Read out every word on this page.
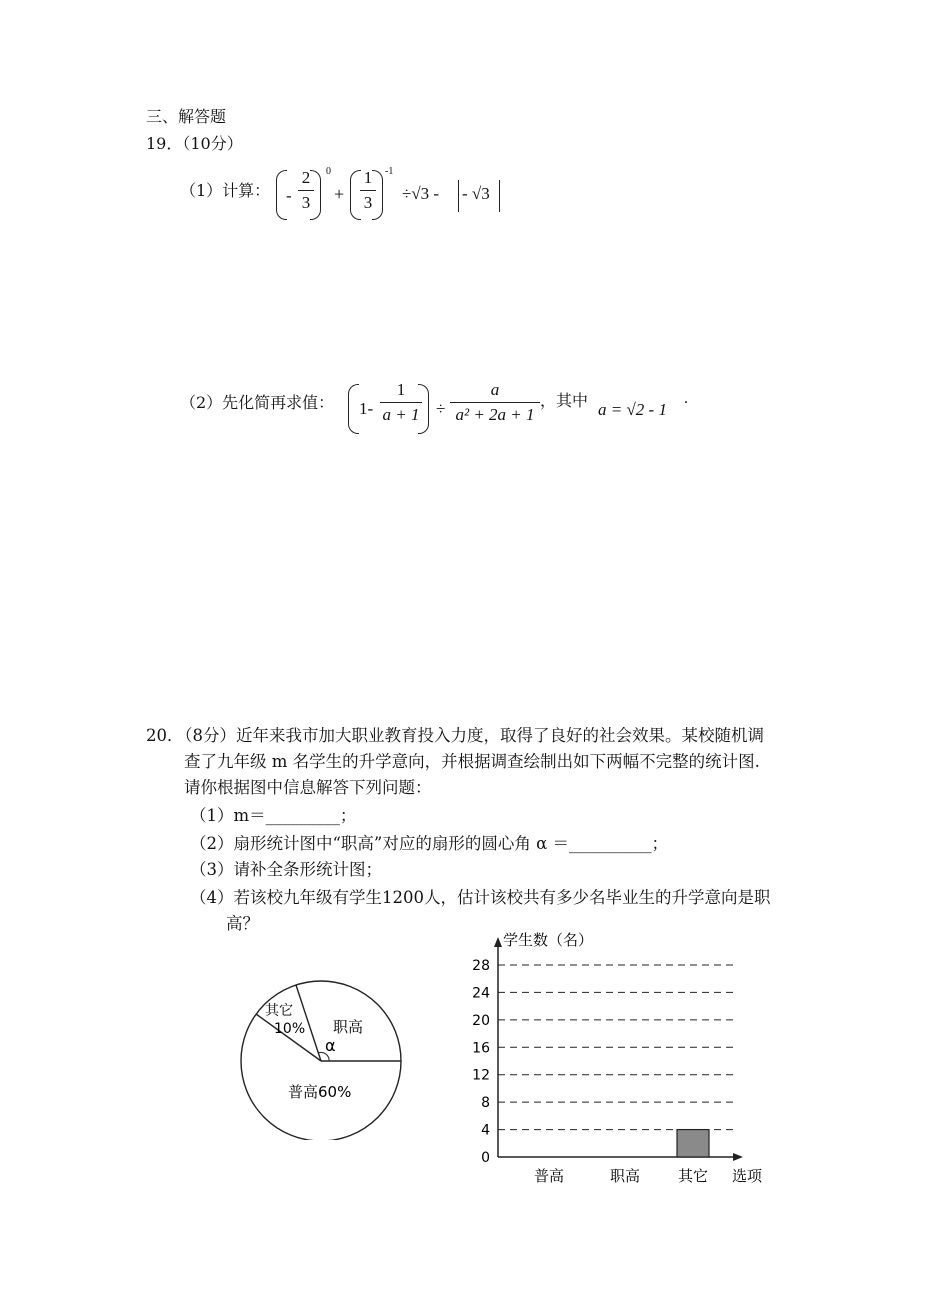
三、解答题
19．（10分）
（1）计算： -
2
3
0
+
1
3
-1
÷√3 - - √3
（2）先化简再求值： 1-
1
a + 1 ÷
a
a² + 2a + 1
，其中 a = √2 - 1
.
20．
（8分）近年来我市加大职业教育投入力度，取得了良好的社会效果。某校随机调
查了九年级 m 名学生的升学意向，并根据调查绘制出如下两幅不完整的统计图.
请你根据图中信息解答下列问题：
（1）m＝_________；
（2）扇形统计图中“职高”对应的扇形的圆心角 α ＝__________；
（3）请补全条形统计图；
（4）若该校九年级有学生1200人，估计该校共有多少名毕业生的升学意向是职
高？
其它
10% 职高
α
普高60%
学生数（名）
选项
0
4
8
12
16
20
24
28
普高	职高	其它
